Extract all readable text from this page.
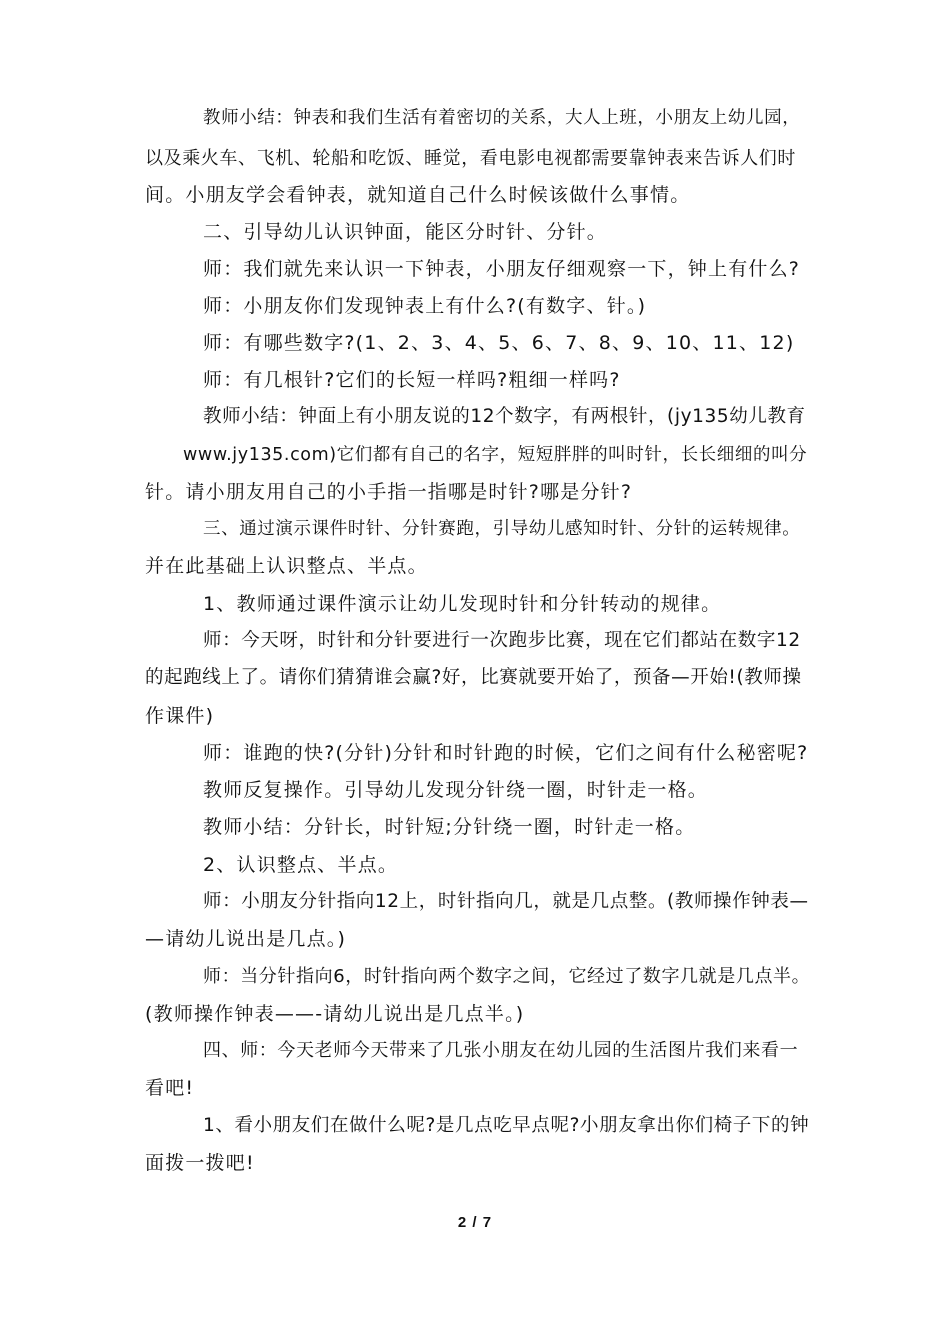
教师小结：钟表和我们生活有着密切的关系，大人上班，小朋友上幼儿园，
以及乘火车、飞机、轮船和吃饭、睡觉，看电影电视都需要靠钟表来告诉人们时
间。小朋友学会看钟表，就知道自己什么时候该做什么事情。
二、引导幼儿认识钟面，能区分时针、分针。
师：我们就先来认识一下钟表，小朋友仔细观察一下，钟上有什么?
师：小朋友你们发现钟表上有什么?(有数字、针。)
师：有哪些数字?(1、2、3、4、5、6、7、8、9、10、11、12)
师：有几根针?它们的长短一样吗?粗细一样吗?
教师小结：钟面上有小朋友说的12个数字，有两根针，(jy135幼儿教育
www.jy135.com)它们都有自己的名字，短短胖胖的叫时针，长长细细的叫分
针。请小朋友用自己的小手指一指哪是时针?哪是分针?
三、通过演示课件时针、分针赛跑，引导幼儿感知时针、分针的运转规律。
并在此基础上认识整点、半点。
1、教师通过课件演示让幼儿发现时针和分针转动的规律。
师：今天呀，时针和分针要进行一次跑步比赛，现在它们都站在数字12
的起跑线上了。请你们猜猜谁会赢?好，比赛就要开始了，预备—开始!(教师操
作课件)
师：谁跑的快?(分针)分针和时针跑的时候，它们之间有什么秘密呢?
教师反复操作。引导幼儿发现分针绕一圈，时针走一格。
教师小结：分针长，时针短;分针绕一圈，时针走一格。
2、认识整点、半点。
师：小朋友分针指向12上，时针指向几，就是几点整。(教师操作钟表—
—请幼儿说出是几点。)
师：当分针指向6，时针指向两个数字之间，它经过了数字几就是几点半。
(教师操作钟表——-请幼儿说出是几点半。)
四、师：今天老师今天带来了几张小朋友在幼儿园的生活图片我们来看一
看吧!
1、看小朋友们在做什么呢?是几点吃早点呢?小朋友拿出你们椅子下的钟
面拨一拨吧!
2 / 7
